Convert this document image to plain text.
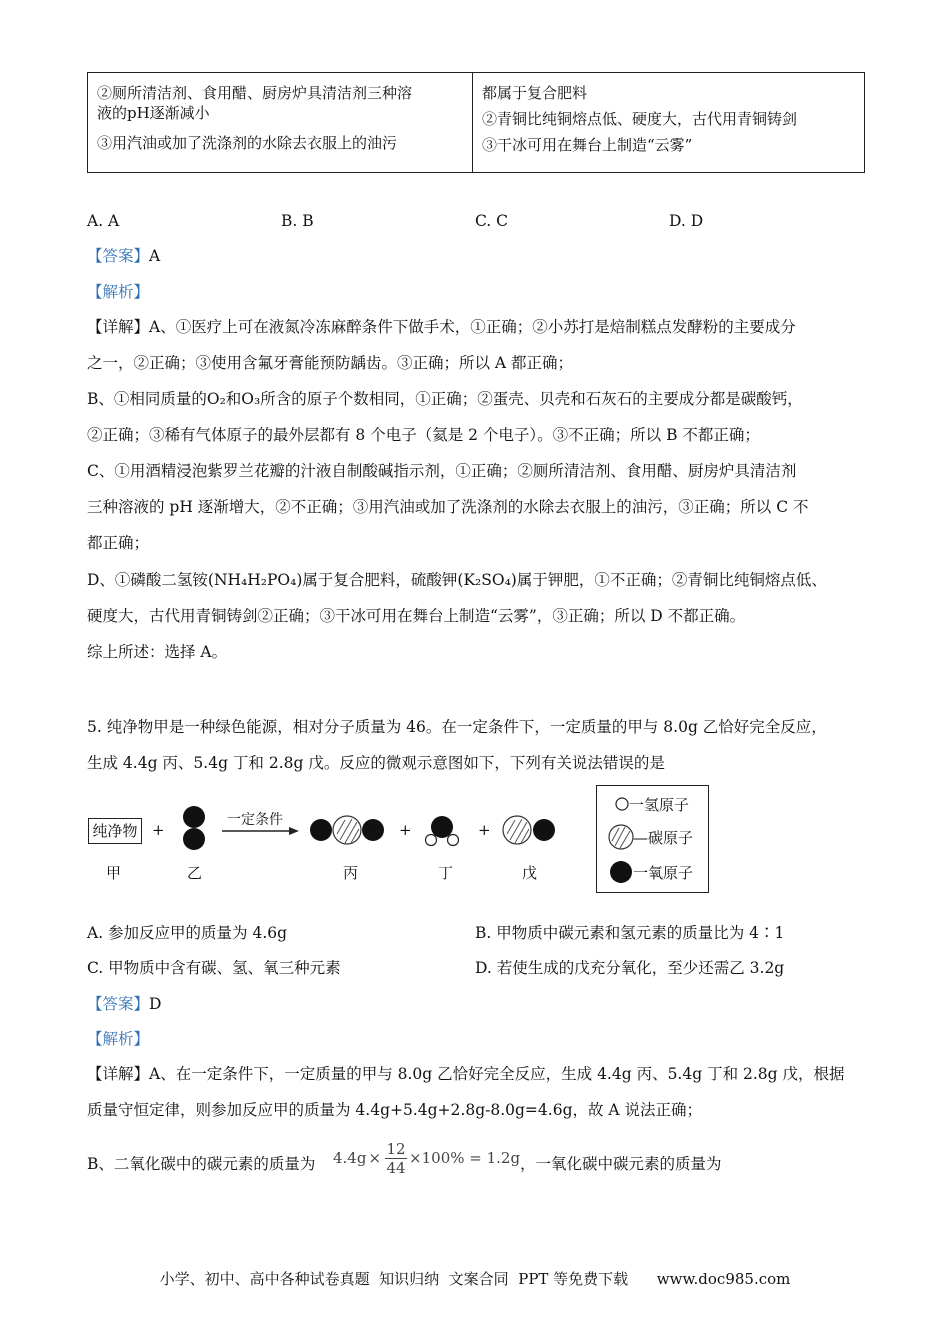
②厕所清洁剂、食用醋、厨房炉具清洁剂三种溶
液的pH逐渐减小
③用汽油或加了洗涤剂的水除去衣服上的油污

都属于复合肥料
②青铜比纯铜熔点低、硬度大，古代用青铜铸剑
③干冰可用在舞台上制造“云雾”
A. A	B. B	C. C	D. D
【答案】A
【解析】
【详解】A、①医疗上可在液氮冷冻麻醉条件下做手术，①正确；②小苏打是焙制糕点发酵粉的主要成分
之一，②正确；③使用含氟牙膏能预防龋齿。③正确；所以 A 都正确；
B、①相同质量的O₂和O₃所含的原子个数相同，①正确；②蛋壳、贝壳和石灰石的主要成分都是碳酸钙，
②正确；③稀有气体原子的最外层都有 8 个电子（氦是 2 个电子）。③不正确；所以 B 不都正确；
C、①用酒精浸泡紫罗兰花瓣的汁液自制酸碱指示剂，①正确；②厕所清洁剂、食用醋、厨房炉具清洁剂
三种溶液的 pH 逐渐增大，②不正确；③用汽油或加了洗涤剂的水除去衣服上的油污，③正确；所以 C 不
都正确；
D、①磷酸二氢铵(NH₄H₂PO₄)属于复合肥料，硫酸钾(K₂SO₄)属于钾肥，①不正确；②青铜比纯铜熔点低、
硬度大，古代用青铜铸剑②正确；③干冰可用在舞台上制造“云雾”，③正确；所以 D 不都正确。
综上所述：选择 A。
5. 纯净物甲是一种绿色能源，相对分子质量为 46。在一定条件下，一定质量的甲与 8.0g 乙恰好完全反应，
生成 4.4g 丙、5.4g 丁和 2.8g 戊。反应的微观示意图如下，下列有关说法错误的是
纯净物 +
一定条件
+	+
甲	乙	丙	丁	戊
一氢原子
—碳原子
一氧原子
A. 参加反应甲的质量为 4.6g	B. 甲物质中碳元素和氢元素的质量比为 4∶1
C. 甲物质中含有碳、氢、氧三种元素	D. 若使生成的戊充分氧化，至少还需乙 3.2g
【答案】D
【解析】
【详解】A、在一定条件下，一定质量的甲与 8.0g 乙恰好完全反应，生成 4.4g 丙、5.4g 丁和 2.8g 戊，根据
质量守恒定律，则参加反应甲的质量为 4.4g+5.4g+2.8g-8.0g=4.6g，故 A 说法正确；
B、二氧化碳中的碳元素的质量为 4.4g ×
12
44
×100% = 1.2g ，一氧化碳中碳元素的质量为
小学、初中、高中各种试卷真题  知识归纳  文案合同  PPT 等免费下载      www.doc985.com
